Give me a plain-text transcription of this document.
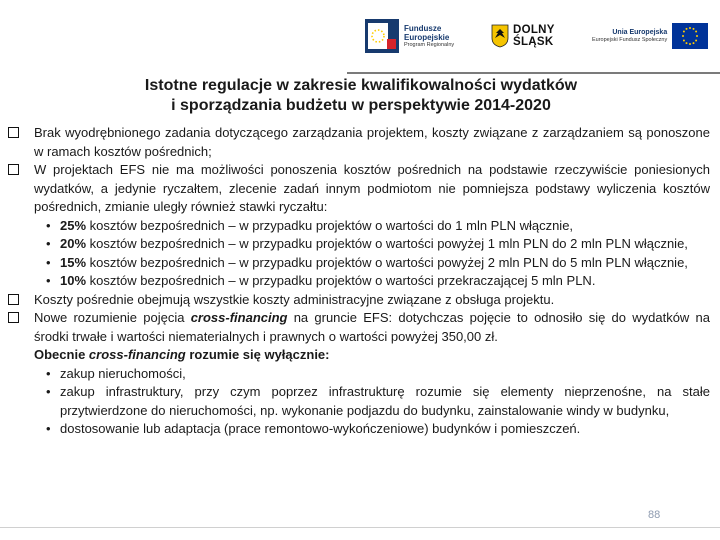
Fundusze Europejskie
Program Regionalny
DOLNY ŚLĄSK
Unia Europejska
Europejski Fundusz Społeczny
Istotne regulacje w zakresie kwalifikowalności wydatków
i sporządzania budżetu w perspektywie 2014-2020
Brak wyodrębnionego zadania dotyczącego zarządzania projektem, koszty związane z zarządzaniem są ponoszone w ramach kosztów pośrednich;
W projektach EFS nie ma możliwości ponoszenia kosztów pośrednich na podstawie rzeczywiście poniesionych wydatków, a jedynie ryczałtem, zlecenie zadań innym podmiotom nie pomniejsza podstawy wyliczenia kosztów pośrednich, zmianie uległy również stawki ryczałtu:
• 25% kosztów bezpośrednich – w przypadku projektów o wartości do 1 mln PLN włącznie,
• 20% kosztów bezpośrednich – w przypadku projektów o wartości powyżej 1 mln PLN do 2 mln PLN włącznie,
• 15% kosztów bezpośrednich – w przypadku projektów o wartości powyżej 2 mln PLN do 5 mln PLN włącznie,
• 10% kosztów bezpośrednich – w przypadku projektów o wartości przekraczającej 5 mln PLN.
Koszty pośrednie obejmują wszystkie koszty administracyjne związane z obsługa projektu.
Nowe rozumienie pojęcia cross-financing na gruncie EFS: dotychczas pojęcie to odnosiło się do wydatków na środki trwałe i wartości niematerialnych i prawnych o wartości powyżej 350,00 zł.
Obecnie cross-financing rozumie się wyłącznie:
• zakup nieruchomości,
• zakup infrastruktury, przy czym poprzez infrastrukturę rozumie się elementy nieprzenośne, na stałe przytwierdzone do nieruchomości, np. wykonanie podjazdu do budynku, zainstalowanie windy w budynku,
• dostosowanie lub adaptacja (prace remontowo-wykończeniowe) budynków i pomieszczeń.
88
